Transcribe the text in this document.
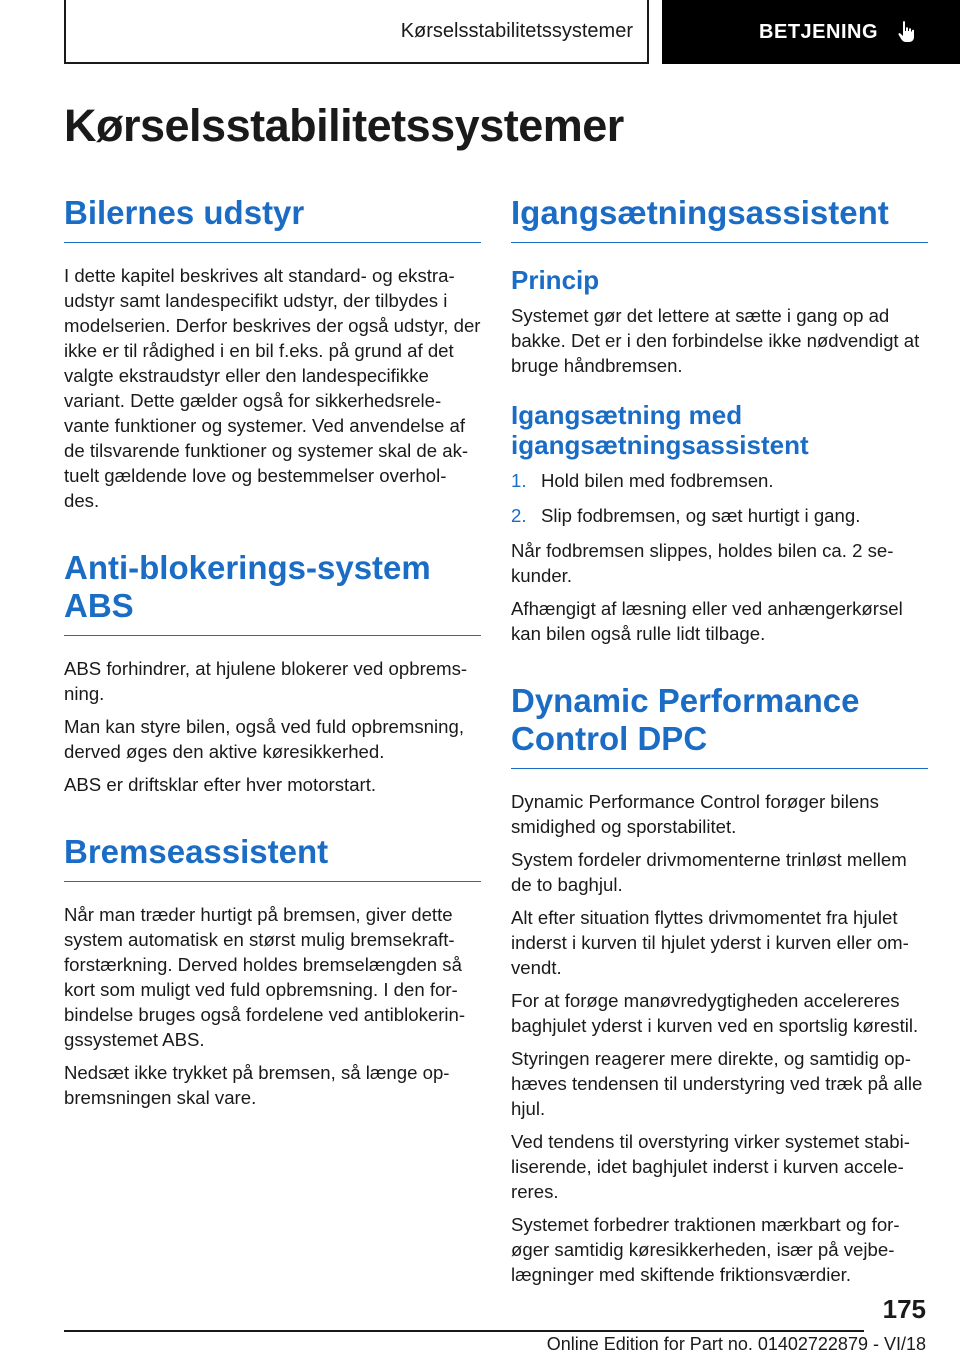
Kørselsstabilitetssystemer	BETJENING
Kørselsstabilitetssystemer
Bilernes udstyr

I dette kapitel beskrives alt standard- og ekstra-udstyr samt landespecifikt udstyr, der tilbydes i modelserien. Derfor beskrives der også udstyr, der ikke er til rådighed i en bil f.eks. på grund af det valgte ekstraudstyr eller den landespecifikke variant. Dette gælder også for sikkerhedsrele-vante funktioner og systemer. Ved anvendelse af de tilsvarende funktioner og systemer skal de ak-tuelt gældende love og bestemmelser overhol-des.

Anti-blokerings-system ABS

ABS forhindrer, at hjulene blokerer ved opbrems-ning.

Man kan styre bilen, også ved fuld opbremsning, derved øges den aktive køresikkerhed.

ABS er driftsklar efter hver motorstart.

Bremseassistent

Når man træder hurtigt på bremsen, giver dette system automatisk en størst mulig bremsekraft-forstærkning. Derved holdes bremselængden så kort som muligt ved fuld opbremsning. I den for-bindelse bruges også fordelene ved antiblokerin-gssystemet ABS.

Nedsæt ikke trykket på bremsen, så længe op-bremsningen skal vare.

Igangsætningsassistent
Princip

Systemet gør det lettere at sætte i gang op ad bakke. Det er i den forbindelse ikke nødvendigt at bruge håndbremsen.

Igangsætning med igangsætningsassistent
1. Hold bilen med fodbremsen.
2. Slip fodbremsen, og sæt hurtigt i gang.

Når fodbremsen slippes, holdes bilen ca. 2 se-kunder.

Afhængigt af læsning eller ved anhængerkørsel kan bilen også rulle lidt tilbage.

Dynamic Performance Control DPC

Dynamic Performance Control forøger bilens smidighed og sporstabilitet.

System fordeler drivmomenterne trinløst mellem de to baghjul.

Alt efter situation flyttes drivmomentet fra hjulet inderst i kurven til hjulet yderst i kurven eller om-vendt.

For at forøge manøvredygtigheden accelereres baghjulet yderst i kurven ved en sportslig kørestil.

Styringen reagerer mere direkte, og samtidig op-hæves tendensen til understyring ved træk på alle hjul.

Ved tendens til overstyring virker systemet stabi-liserende, idet baghjulet inderst i kurven accele-reres.

Systemet forbedrer traktionen mærkbart og for-øger samtidig køresikkerheden, især på vejbe-lægninger med skiftende friktionsværdier.

175
Online Edition for Part no. 01402722879 - VI/18
